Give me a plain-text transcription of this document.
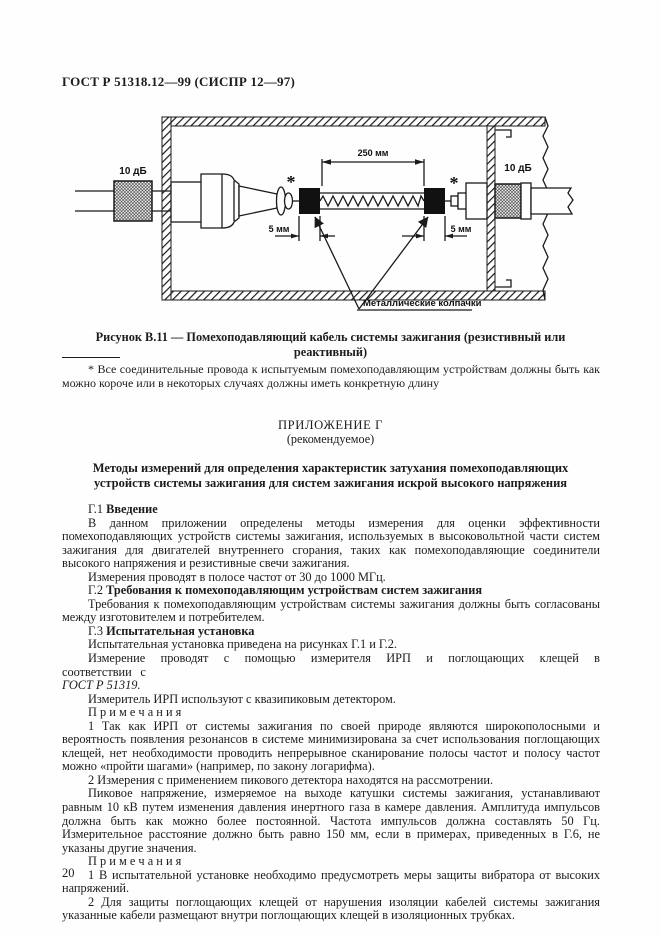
ГОСТ Р 51318.12—99 (СИСПР 12—97)
10 дБ
*	*
250 мм
5 мм	5 мм
Металлические колпачки
10 дБ
Рисунок В.11 — Помехоподавляющий кабель системы зажигания (резистивный или реактивный)

* Все соединительные провода к испытуемым помехоподавляющим устройствам должны быть как можно короче или в некоторых случаях должны иметь конкретную длину

ПРИЛОЖЕНИЕ Г
(рекомендуемое)
Методы измерений для определения характеристик затухания помехоподавляющих устройств системы зажигания для систем зажигания искрой высокого напряжения

Г.1 Введение

В данном приложении определены методы измерения для оценки эффективности помехоподавляющих устройств системы зажигания, используемых в высоковольтной части систем зажигания для двигателей внутреннего сгорания, таких как помехоподавляющие соединители высокого напряжения и резистивные свечи зажигания.

Измерения проводят в полосе частот от 30 до 1000 МГц.

Г.2 Требования к помехоподавляющим устройствам систем зажигания

Требования к помехоподавляющим устройствам системы зажигания должны быть согласованы между изготовителем и потребителем.

Г.3 Испытательная установка

Испытательная установка приведена на рисунках Г.1 и Г.2.

Измерение проводят с помощью измерителя ИРП и поглощающих клещей в соответствии с
ГОСТ Р 51319.

Измеритель ИРП используют с квазипиковым детектором.

П р и м е ч а н и я

1 Так как ИРП от системы зажигания по своей природе являются широкополосными и вероятность появления резонансов в системе минимизирована за счет использования поглощающих клещей, нет необходимости проводить непрерывное сканирование полосы частот и полосу частот можно «пройти шагами» (например, по закону логарифма).

2 Измерения с применением пикового детектора находятся на рассмотрении.

Пиковое напряжение, измеряемое на выходе катушки системы зажигания, устанавливают равным 10 кВ путем изменения давления инертного газа в камере давления. Амплитуда импульсов должна быть как можно более постоянной. Частота импульсов должна составлять 50 Гц. Измерительное расстояние должно быть равно 150 мм, если в примерах, приведенных в Г.6, не указаны другие значения.

П р и м е ч а н и я

1 В испытательной установке необходимо предусмотреть меры защиты вибратора от высоких напряжений.

2 Для защиты поглощающих клещей от нарушения изоляции кабелей системы зажигания указанные кабели размещают внутри поглощающих клещей в изоляционных трубках.

20
